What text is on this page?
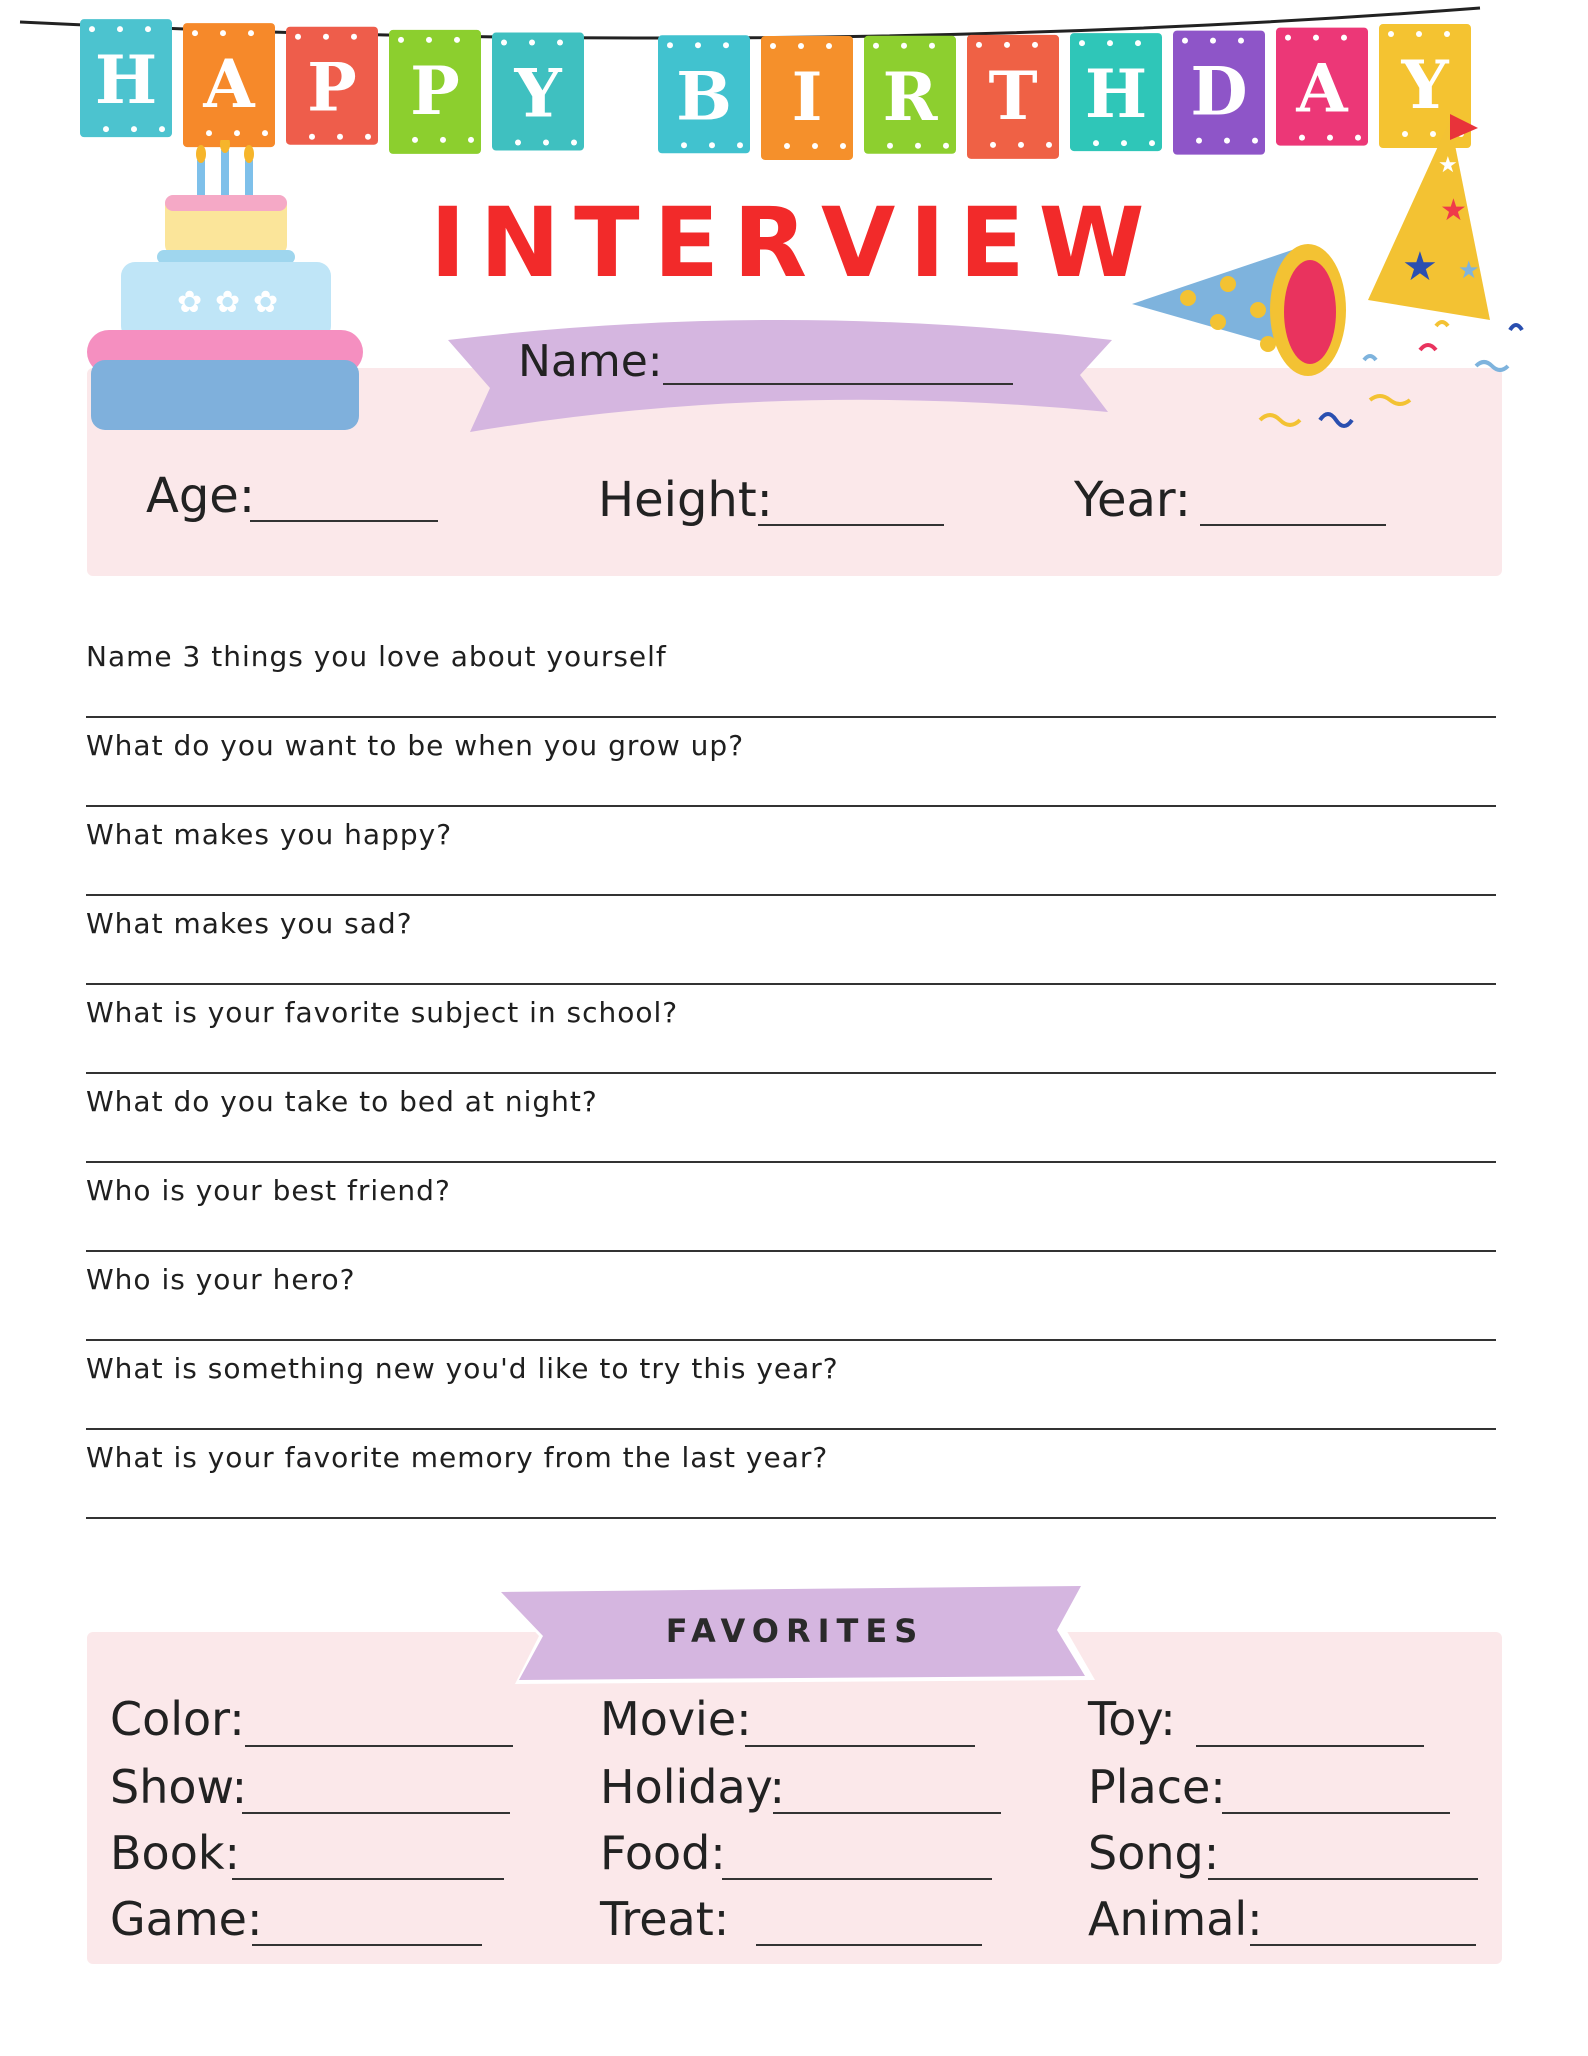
H A P P Y B I R T H D A Y
INTERVIEW
✿ ✿ ✿
★
★
★
★
Name:
Age:	Height:	Year:
Name 3 things you love about yourself
What do you want to be when you grow up?
What makes you happy?
What makes you sad?
What is your favorite subject in school?
What do you take to bed at night?
Who is your best friend?
Who is your hero?
What is something new you'd like to try this year?
What is your favorite memory from the last year?
FAVORITES
Color:	Movie:	Toy:
Show:	Holiday:	Place:
Book:	Food:	Song:
Game:	Treat:	Animal:
